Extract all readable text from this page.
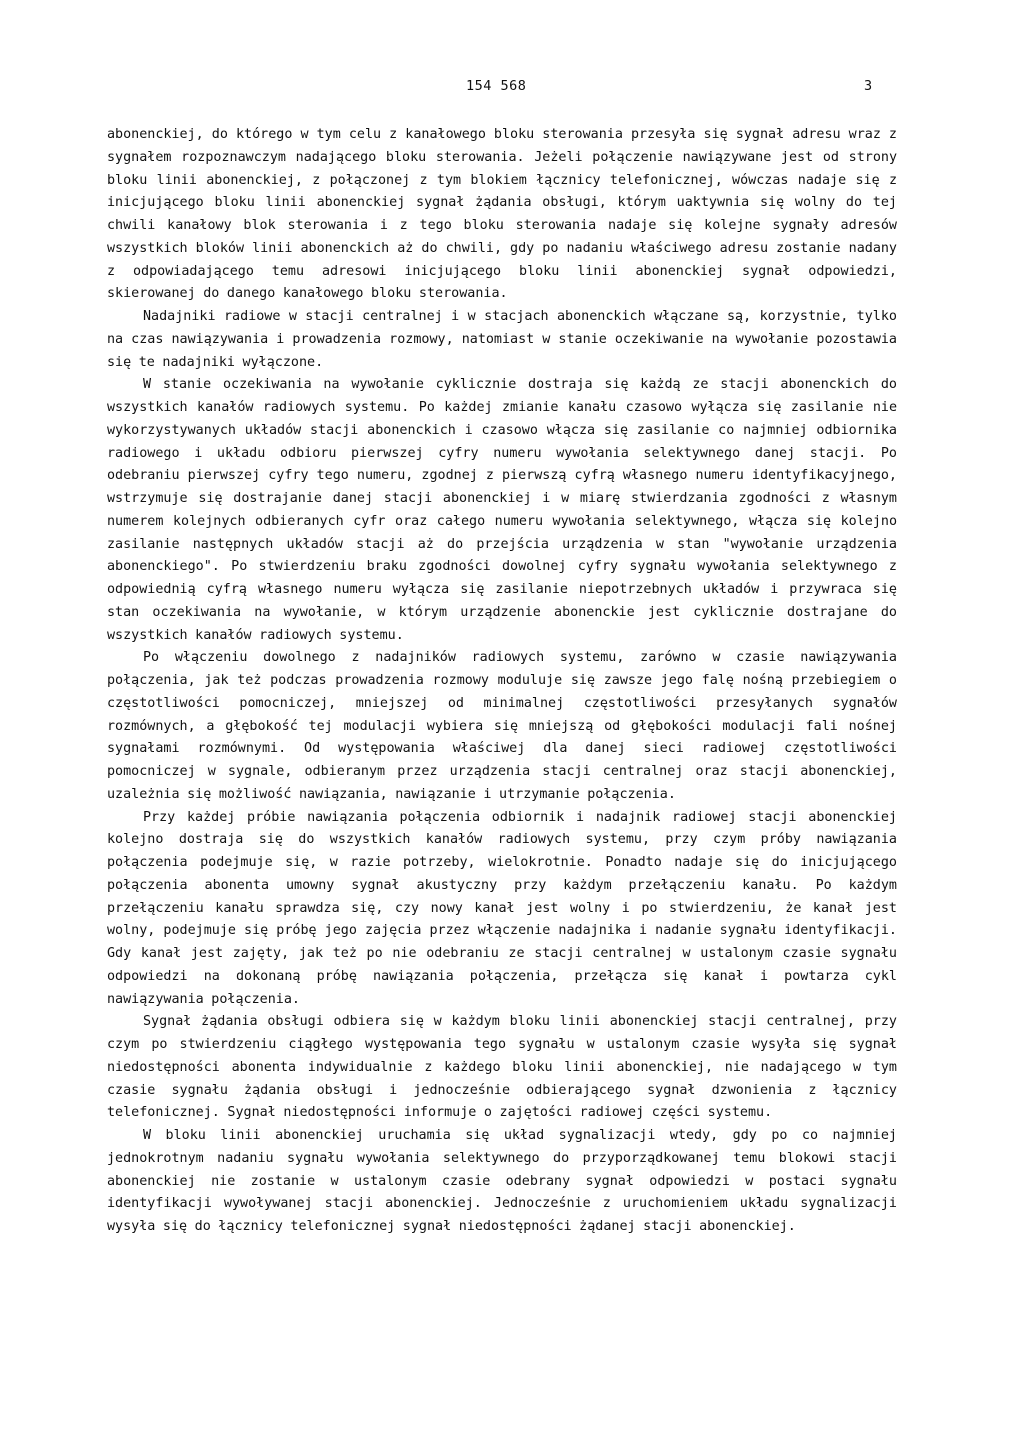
154 568	3

abonenckiej, do którego w tym celu z kanałowego bloku sterowania przesyła się sygnał adresu wraz z sygnałem rozpoznawczym nadającego bloku sterowania. Jeżeli połączenie nawiązywane jest od strony bloku linii abonenckiej, z połączonej z tym blokiem łącznicy telefonicznej, wówczas nadaje się z inicjującego bloku linii abonenckiej sygnał żądania obsługi, którym uaktywnia się wolny do tej chwili kanałowy blok sterowania i z tego bloku sterowania nadaje się kolejne sygnały adresów wszystkich bloków linii abonenckich aż do chwili, gdy po nadaniu właściwego adresu zostanie nadany z odpowiadającego temu adresowi inicjującego bloku linii abonenckiej sygnał odpowiedzi, skierowanej do danego kanałowego bloku sterowania.

Nadajniki radiowe w stacji centralnej i w stacjach abonenckich włączane są, korzystnie, tylko na czas nawiązywania i prowadzenia rozmowy, natomiast w stanie oczekiwanie na wywołanie pozostawia się te nadajniki wyłączone.

W stanie oczekiwania na wywołanie cyklicznie dostraja się każdą ze stacji abonenckich do wszystkich kanałów radiowych systemu. Po każdej zmianie kanału czasowo wyłącza się zasilanie nie wykorzystywanych układów stacji abonenckich i czasowo włącza się zasilanie co najmniej odbiornika radiowego i układu odbioru pierwszej cyfry numeru wywołania selektywnego danej stacji. Po odebraniu pierwszej cyfry tego numeru, zgodnej z pierwszą cyfrą własnego numeru identyfikacyjnego, wstrzymuje się dostrajanie danej stacji abonenckiej i w miarę stwierdzania zgodności z własnym numerem kolejnych odbieranych cyfr oraz całego numeru wywołania selektywnego, włącza się kolejno zasilanie następnych układów stacji aż do przejścia urządzenia w stan "wywołanie urządzenia abonenckiego". Po stwierdzeniu braku zgodności dowolnej cyfry sygnału wywołania selektywnego z odpowiednią cyfrą własnego numeru wyłącza się zasilanie niepotrzebnych układów i przywraca się stan oczekiwania na wywołanie, w którym urządzenie abonenckie jest cyklicznie dostrajane do wszystkich kanałów radiowych systemu.

Po włączeniu dowolnego z nadajników radiowych systemu, zarówno w czasie nawiązywania połączenia, jak też podczas prowadzenia rozmowy moduluje się zawsze jego falę nośną przebiegiem o częstotliwości pomocniczej, mniejszej od minimalnej częstotliwości przesyłanych sygnałów rozmównych, a głębokość tej modulacji wybiera się mniejszą od głębokości modulacji fali nośnej sygnałami rozmównymi. Od występowania właściwej dla danej sieci radiowej częstotliwości pomocniczej w sygnale, odbieranym przez urządzenia stacji centralnej oraz stacji abonenckiej, uzależnia się możliwość nawiązania, nawiązanie i utrzymanie połączenia.

Przy każdej próbie nawiązania połączenia odbiornik i nadajnik radiowej stacji abonenckiej kolejno dostraja się do wszystkich kanałów radiowych systemu, przy czym próby nawiązania połączenia podejmuje się, w razie potrzeby, wielokrotnie. Ponadto nadaje się do inicjującego połączenia abonenta umowny sygnał akustyczny przy każdym przełączeniu kanału. Po każdym przełączeniu kanału sprawdza się, czy nowy kanał jest wolny i po stwierdzeniu, że kanał jest wolny, podejmuje się próbę jego zajęcia przez włączenie nadajnika i nadanie sygnału identyfikacji. Gdy kanał jest zajęty, jak też po nie odebraniu ze stacji centralnej w ustalonym czasie sygnału odpowiedzi na dokonaną próbę nawiązania połączenia, przełącza się kanał i powtarza cykl nawiązywania połączenia.

Sygnał żądania obsługi odbiera się w każdym bloku linii abonenckiej stacji centralnej, przy czym po stwierdzeniu ciągłego występowania tego sygnału w ustalonym czasie wysyła się sygnał niedostępności abonenta indywidualnie z każdego bloku linii abonenckiej, nie nadającego w tym czasie sygnału żądania obsługi i jednocześnie odbierającego sygnał dzwonienia z łącznicy telefonicznej. Sygnał niedostępności informuje o zajętości radiowej części systemu.

W bloku linii abonenckiej uruchamia się układ sygnalizacji wtedy, gdy po co najmniej jednokrotnym nadaniu sygnału wywołania selektywnego do przyporządkowanej temu blokowi stacji abonenckiej nie zostanie w ustalonym czasie odebrany sygnał odpowiedzi w postaci sygnału identyfikacji wywoływanej stacji abonenckiej. Jednocześnie z uruchomieniem układu sygnalizacji wysyła się do łącznicy telefonicznej sygnał niedostępności żądanej stacji abonenckiej.
